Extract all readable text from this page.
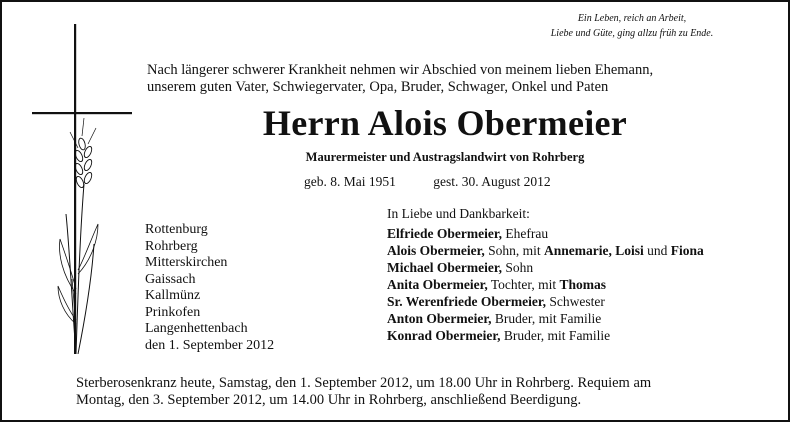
Ein Leben, reich an Arbeit,
Liebe und Güte, ging allzu früh zu Ende.
Nach längerer schwerer Krankheit nehmen wir Abschied von meinem lieben Ehemann,
unserem guten Vater, Schwiegervater, Opa, Bruder, Schwager, Onkel und Paten
Herrn Alois Obermeier
Maurermeister und Austragslandwirt von Rohrberg
geb. 8. Mai 1951	gest. 30. August 2012
Rottenburg
Rohrberg
Mitterskirchen
Gaissach
Kallmünz
Prinkofen
Langenhettenbach
den 1. September 2012
In Liebe und Dankbarkeit:
Elfriede Obermeier, Ehefrau
Alois Obermeier, Sohn, mit Annemarie, Loisi und Fiona
Michael Obermeier, Sohn
Anita Obermeier, Tochter, mit Thomas
Sr. Werenfriede Obermeier, Schwester
Anton Obermeier, Bruder, mit Familie
Konrad Obermeier, Bruder, mit Familie
Sterberosenkranz heute, Samstag, den 1. September 2012, um 18.00 Uhr in Rohrberg. Requiem am
Montag, den 3. September 2012, um 14.00 Uhr in Rohrberg, anschließend Beerdigung.
